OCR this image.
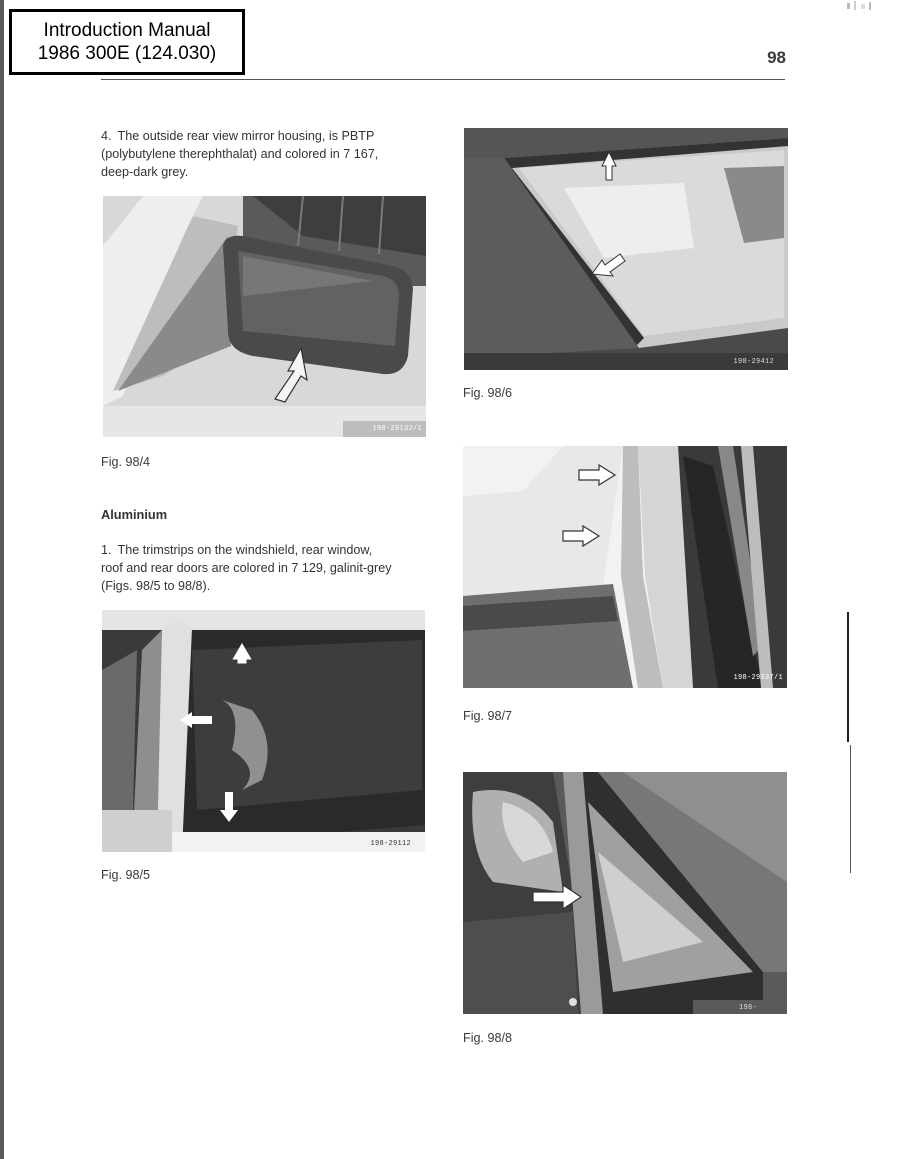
Introduction Manual
1986 300E (124.030)	98
4. The outside rear view mirror housing, is PBTP
(polybutylene therephthalat) and colored in 7 167,
deep-dark grey.
198-29132/1
Fig. 98/4
Aluminium
1. The trimstrips on the windshield, rear window,
roof and rear doors are colored in 7 129, galinit-grey
(Figs. 98/5 to 98/8).
198-29112
Fig. 98/5
198-29412
Fig. 98/6
198-29337/1
Fig. 98/7
198-
Fig. 98/8
